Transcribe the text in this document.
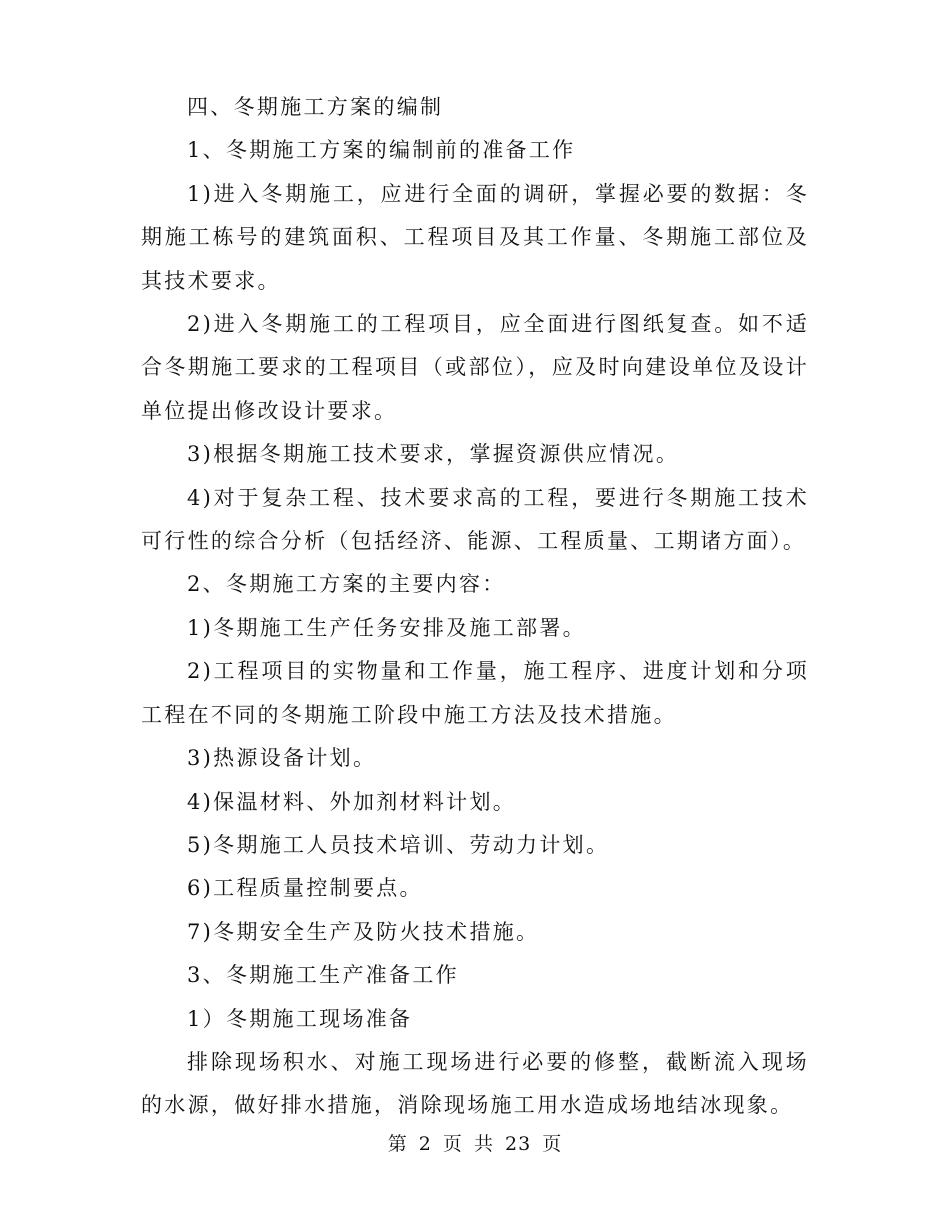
四、冬期施工方案的编制

1、冬期施工方案的编制前的准备工作

1)进入冬期施工，应进行全面的调研，掌握必要的数据：冬期施工栋号的建筑面积、工程项目及其工作量、冬期施工部位及其技术要求。

2)进入冬期施工的工程项目，应全面进行图纸复查。如不适合冬期施工要求的工程项目（或部位），应及时向建设单位及设计单位提出修改设计要求。

3)根据冬期施工技术要求，掌握资源供应情况。

4)对于复杂工程、技术要求高的工程，要进行冬期施工技术可行性的综合分析（包括经济、能源、工程质量、工期诸方面）。

2、冬期施工方案的主要内容：

1)冬期施工生产任务安排及施工部署。

2)工程项目的实物量和工作量，施工程序、进度计划和分项工程在不同的冬期施工阶段中施工方法及技术措施。

3)热源设备计划。

4)保温材料、外加剂材料计划。

5)冬期施工人员技术培训、劳动力计划。

6)工程质量控制要点。

7)冬期安全生产及防火技术措施。

3、冬期施工生产准备工作

1）冬期施工现场准备

排除现场积水、对施工现场进行必要的修整，截断流入现场的水源，做好排水措施，消除现场施工用水造成场地结冰现象。

第 2 页 共 23 页
